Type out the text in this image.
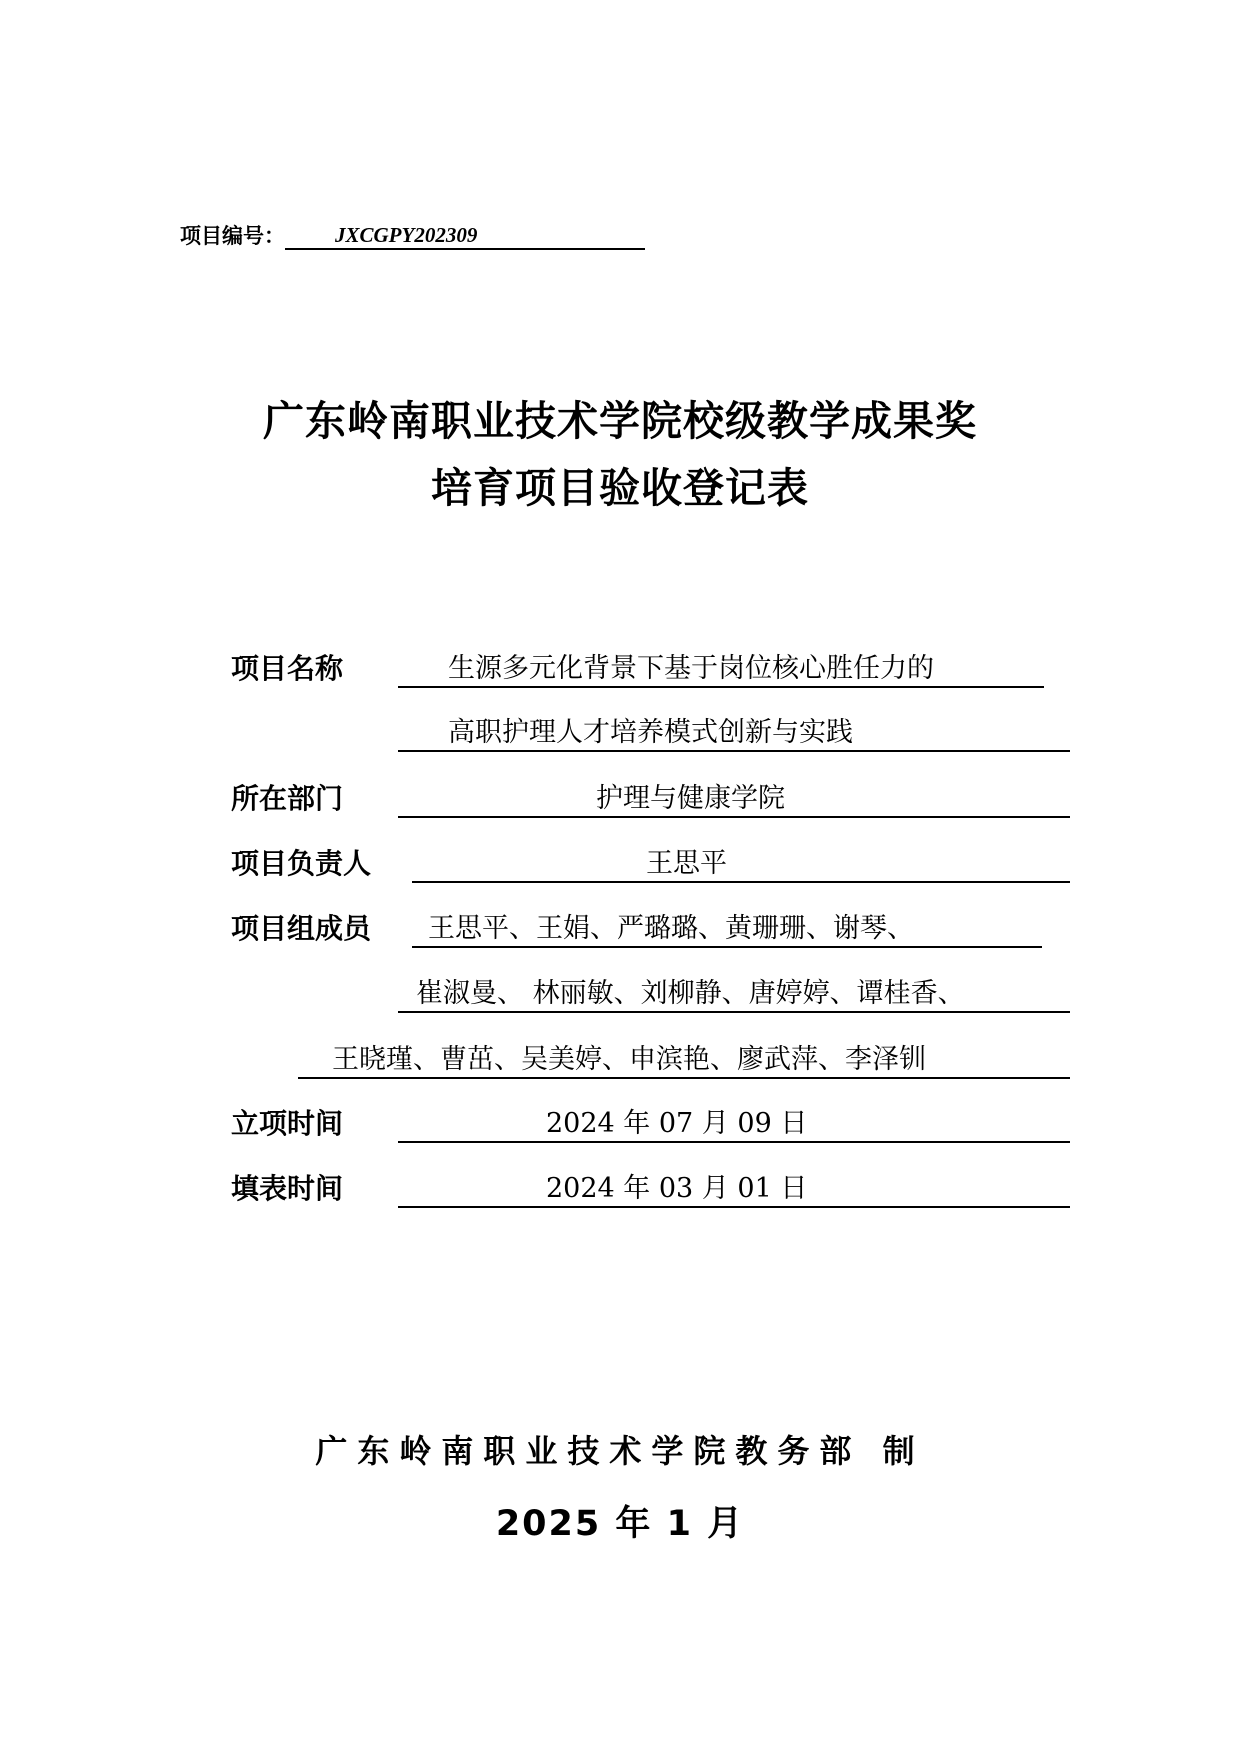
项目编号：	JXCGPY202309
广东岭南职业技术学院校级教学成果奖
培育项目验收登记表
项目名称	生源多元化背景下基于岗位核心胜任力的
高职护理人才培养模式创新与实践
所在部门	护理与健康学院
项目负责人	王思平
项目组成员	王思平、王娟、严璐璐、黄珊珊、谢琴、
崔淑曼、 林丽敏、刘柳静、唐婷婷、谭桂香、
王晓瑾、曹茁、吴美婷、申滨艳、廖武萍、李泽钏
立项时间	2024 年 07 月 09 日
填表时间	2024 年 03 月 01 日
广东岭南职业技术学院教务部 制
2025 年 1 月
